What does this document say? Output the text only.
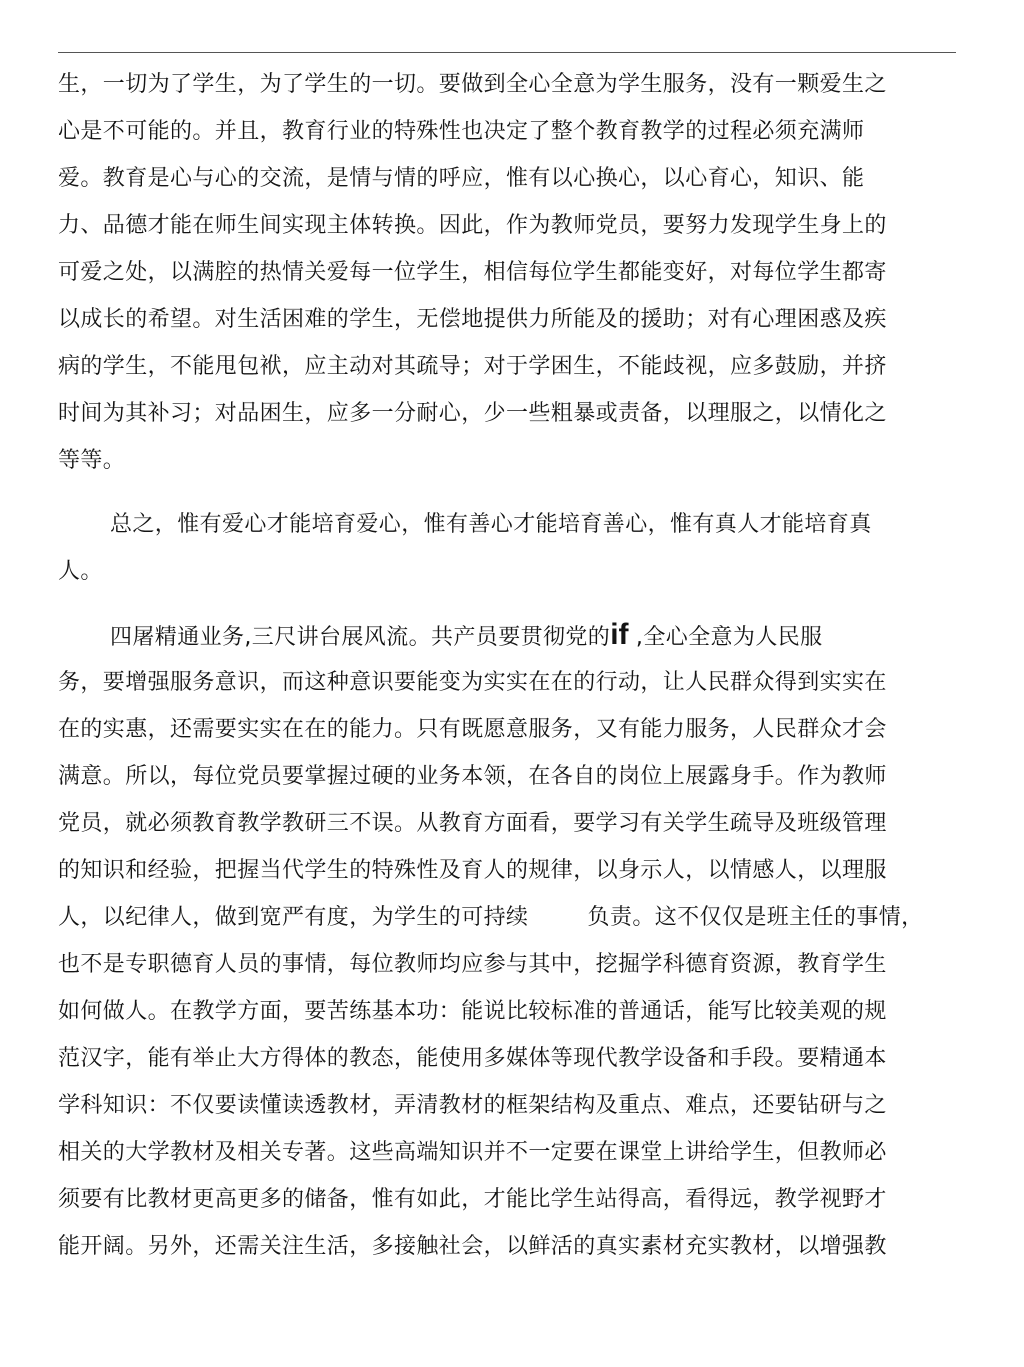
生，一切为了学生，为了学生的一切。要做到全心全意为学生服务，没有一颗爱生之
心是不可能的。并且，教育行业的特殊性也决定了整个教育教学的过程必须充满师
爱。教育是心与心的交流，是情与情的呼应，惟有以心换心，以心育心，知识、能
力、品德才能在师生间实现主体转换。因此，作为教师党员，要努力发现学生身上的
可爱之处，以满腔的热情关爱每一位学生，相信每位学生都能变好，对每位学生都寄
以成长的希望。对生活困难的学生，无偿地提供力所能及的援助；对有心理困惑及疾
病的学生，不能甩包袱，应主动对其疏导；对于学困生，不能歧视，应多鼓励，并挤
时间为其补习；对品困生，应多一分耐心，少一些粗暴或责备，以理服之，以情化之
等等。
总之，惟有爱心才能培育爱心，惟有善心才能培育善心，惟有真人才能培育真
人。
四屠精通业务,三尺讲台展风流。共产员要贯彻党的if ,全心全意为人民服
务，要增强服务意识，而这种意识要能变为实实在在的行动，让人民群众得到实实在
在的实惠，还需要实实在在的能力。只有既愿意服务，又有能力服务，人民群众才会
满意。所以，每位党员要掌握过硬的业务本领，在各自的岗位上展露身手。作为教师
党员，就必须教育教学教研三不误。从教育方面看，要学习有关学生疏导及班级管理
的知识和经验，把握当代学生的特殊性及育人的规律，以身示人，以情感人，以理服
人，以纪律人，做到宽严有度，为学生的可持续        负责。这不仅仅是班主任的事情，
也不是专职德育人员的事情，每位教师均应参与其中，挖掘学科德育资源，教育学生
如何做人。在教学方面，要苦练基本功：能说比较标准的普通话，能写比较美观的规
范汉字，能有举止大方得体的教态，能使用多媒体等现代教学设备和手段。要精通本
学科知识：不仅要读懂读透教材，弄清教材的框架结构及重点、难点，还要钻研与之
相关的大学教材及相关专著。这些高端知识并不一定要在课堂上讲给学生，但教师必
须要有比教材更高更多的储备，惟有如此，才能比学生站得高，看得远，教学视野才
能开阔。另外，还需关注生活，多接触社会，以鲜活的真实素材充实教材，以增强教
